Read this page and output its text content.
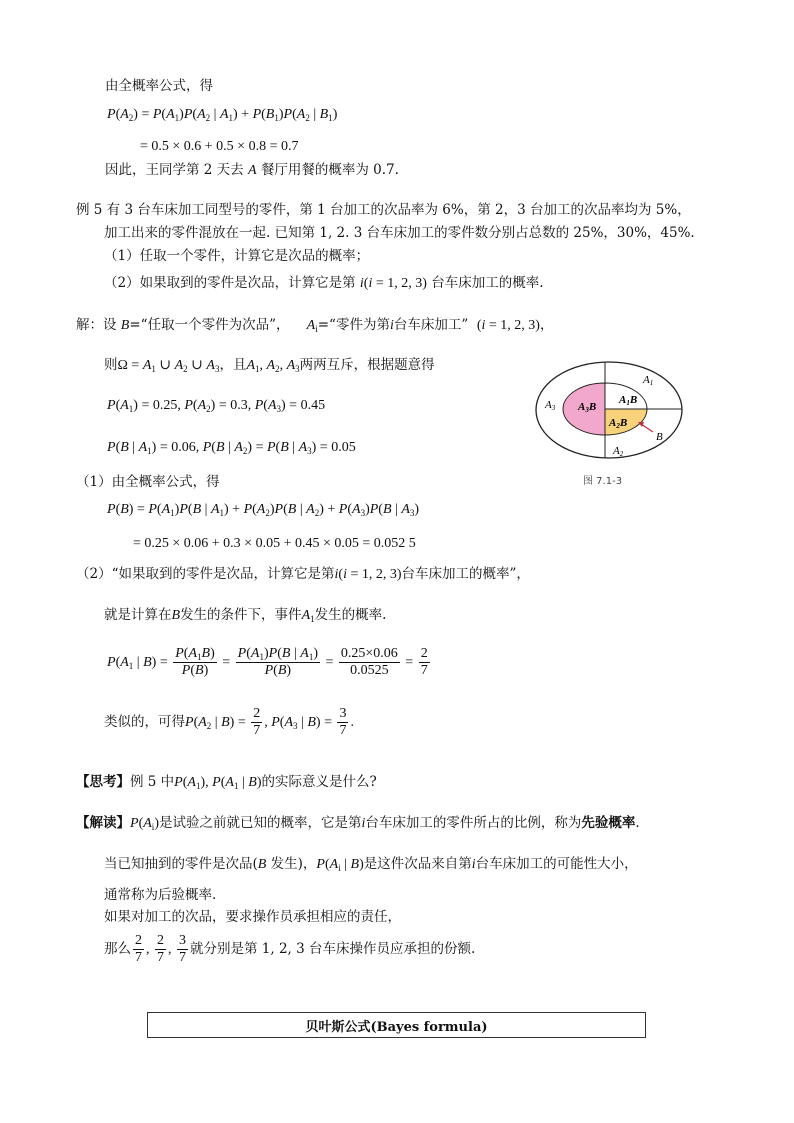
由全概率公式，得
$P(A_2) = P(A_1)P(A_2$ | $A_1) + P(B_1)P(A_2$ | $B_1$)
= 0.5 × 0.6 + 0.5 × 0.8 = 0.7
因此，王同学第 2 天去 A 餐厅用餐的概率为 0.7.
例 5 有 3 台车床加工同型号的零件，第 1 台加工的次品率为 6%，第 2，3 台加工的次品率均为 5%，
加工出来的零件混放在一起. 已知第 1, 2. 3 台车床加工的零件数分别占总数的 25%，30%，45%.
（1）任取一个零件，计算它是次品的概率；
（2）如果取到的零件是次品，计算它是第 i(i = 1, 2, 3) 台车床加工的概率.
解：设 B=“任取一个零件为次品”， $A_i=“$零件为第i台车床加工” (i = 1, 2, 3)，
则$\Omega = A_1$ ∪ $A_2$ ∪ $A_3$，且$A_1$, $A_2$, $A_3$两两互斥，根据题意得
$P(A_1) = 0.25$, $P(A_2) = 0.3$, $P(A_3) = 0.45$
P(B | $A_1) = 0.06$, P(B | $A_2) = P(B$ | $A_3) = 0.05$
A1
A3 A3B
A1B
A2B
B
A2
图 7.1-3
（1）由全概率公式，得
$P(B) = P(A_1)P(B$ | $A_1) + P(A_2)P(B$ | $A_2) + P(A_3)P(B$ | $A_3$)
= 0.25 × 0.06 + 0.3 × 0.05 + 0.45 × 0.05 = 0.052 5
（2）“如果取到的零件是次品，计算它是第i(i = 1, 2, 3)台车床加工的概率”，
就是计算在B发生的条件下，事件$A_1$发生的概率.
$P(A_1$ | $B) = \frac{P(A_1B)}{P(B)} = \frac{P(A_1)P(B | A_1)}{P(B)} = \frac{0.25\times 0.06}{0.0525} = \frac{2}{7}$
类似的，可得$P(A_2$ | $B) = \frac{2}{7}$ , $P(A_3$ | $B) = \frac{3}{7}$ .
【思考】例 5 中$P(A_1)$, $P(A_1$ | B)的实际意义是什么?
【解读】$P(A_i)$是试验之前就已知的概率，它是第i台车床加工的零件所占的比例，称为先验概率.
当已知抽到的零件是次品(B 发生)，$P(A_i$ | B)是这件次品来自第i台车床加工的可能性大小，
通常称为后验概率.
如果对加工的次品，要求操作员承担相应的责任，
那么 $\frac{2}{7}$ , $\frac{2}{7}$ , $\frac{3}{7}$ 就分别是第 1, 2, 3 台车床操作员应承担的份额.
贝叶斯公式(Bayes formula)
